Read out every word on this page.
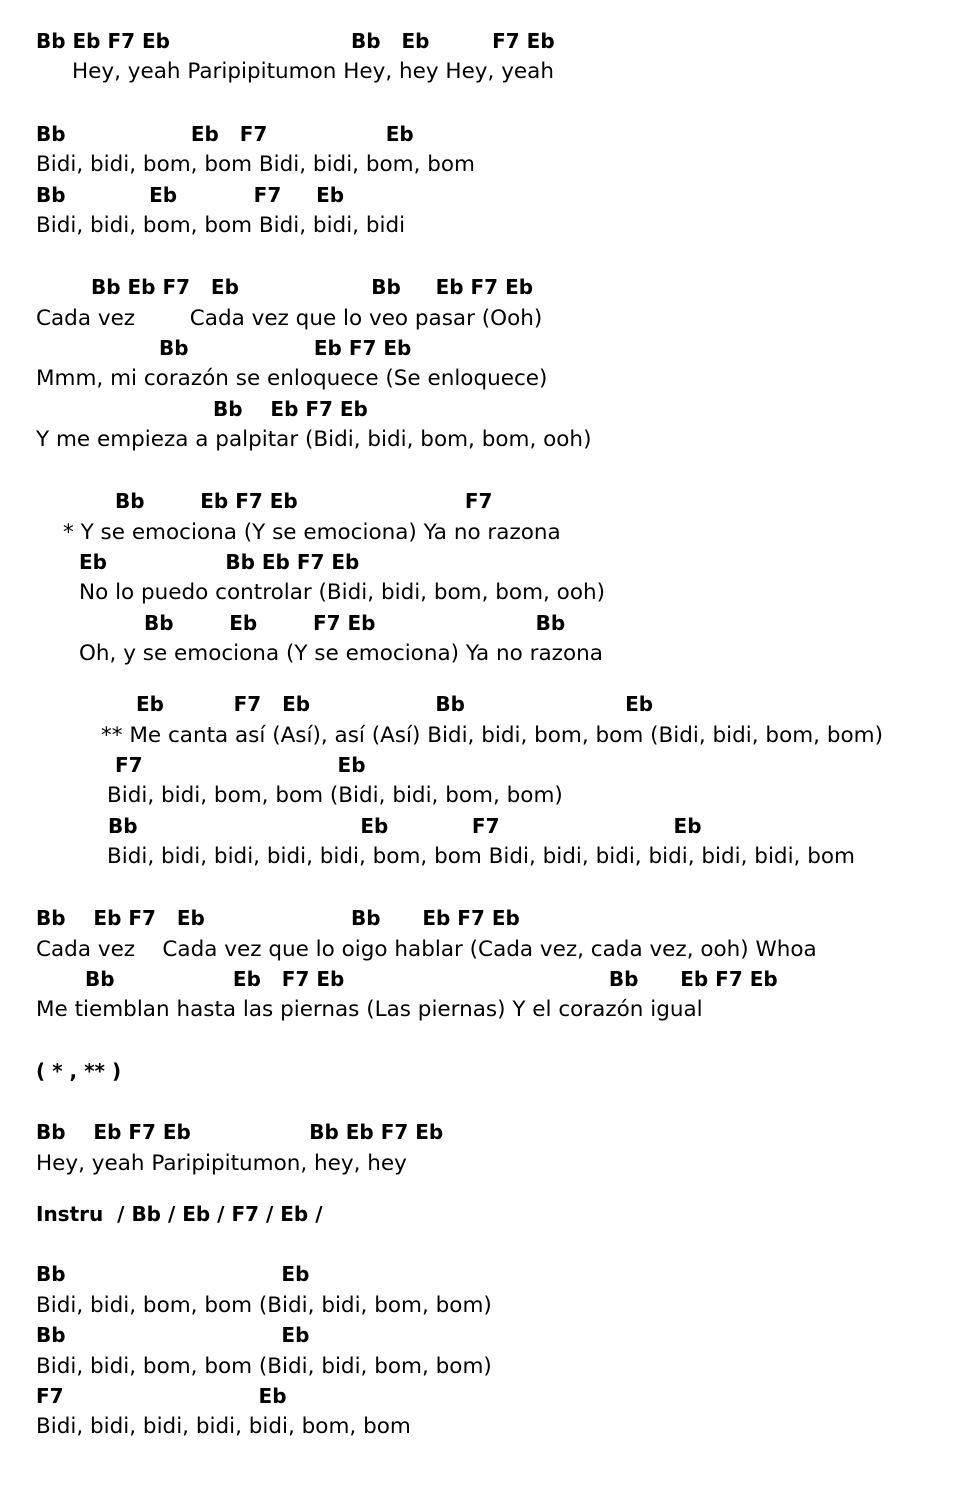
Bb Eb F7 Eb                          Bb   Eb         F7 Eb
Hey, yeah Paripipitumon Hey, hey Hey, yeah
Bb                  Eb   F7                 Eb
Bidi, bidi, bom, bom Bidi, bidi, bom, bom
Bb            Eb           F7     Eb
Bidi, bidi, bom, bom Bidi, bidi, bidi
Bb Eb F7   Eb                   Bb     Eb F7 Eb
Cada vez        Cada vez que lo veo pasar (Ooh)
Bb                  Eb F7 Eb
Mmm, mi corazón se enloquece (Se enloquece)
Bb    Eb F7 Eb
Y me empieza a palpitar (Bidi, bidi, bom, bom, ooh)
Bb        Eb F7 Eb                        F7
* Y se emociona (Y se emociona) Ya no razona
Eb                 Bb Eb F7 Eb
No lo puedo controlar (Bidi, bidi, bom, bom, ooh)
Bb        Eb        F7 Eb                       Bb
Oh, y se emociona (Y se emociona) Ya no razona
Eb          F7   Eb                  Bb                       Eb
** Me canta así (Así), así (Así) Bidi, bidi, bom, bom (Bidi, bidi, bom, bom)
F7                            Eb
Bidi, bidi, bom, bom (Bidi, bidi, bom, bom)
Bb                                Eb            F7                         Eb
Bidi, bidi, bidi, bidi, bidi, bom, bom Bidi, bidi, bidi, bidi, bidi, bidi, bom
Bb    Eb F7   Eb                     Bb      Eb F7 Eb
Cada vez    Cada vez que lo oigo hablar (Cada vez, cada vez, ooh) Whoa
Bb                 Eb   F7 Eb                                      Bb      Eb F7 Eb
Me tiemblan hasta las piernas (Las piernas) Y el corazón igual
( * , ** )
Bb    Eb F7 Eb                 Bb Eb F7 Eb
Hey, yeah Paripipitumon, hey, hey
Instru  / Bb / Eb / F7 / Eb /
Bb                               Eb
Bidi, bidi, bom, bom (Bidi, bidi, bom, bom)
Bb                               Eb
Bidi, bidi, bom, bom (Bidi, bidi, bom, bom)
F7                            Eb
Bidi, bidi, bidi, bidi, bidi, bom, bom
